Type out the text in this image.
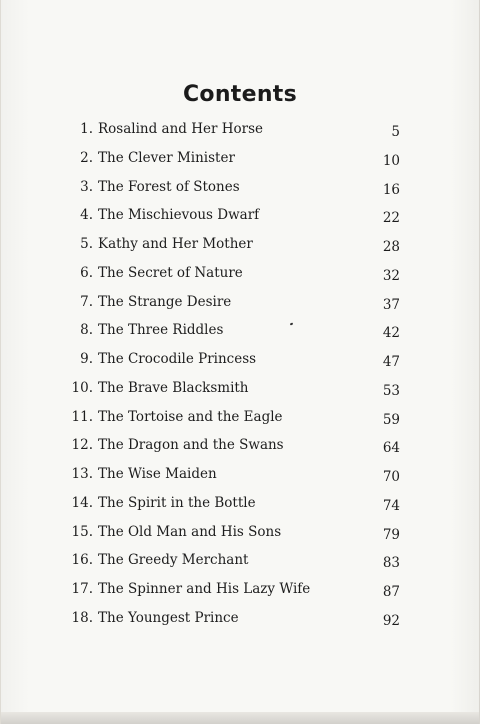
Contents
1. Rosalind and Her Horse	5
2. The Clever Minister	10
3. The Forest of Stones	16
4. The Mischievous Dwarf	22
5. Kathy and Her Mother	28
6. The Secret of Nature	32
7. The Strange Desire	37
8. The Three Riddles	42
9. The Crocodile Princess	47
10. The Brave Blacksmith	53
11. The Tortoise and the Eagle	59
12. The Dragon and the Swans	64
13. The Wise Maiden	70
14. The Spirit in the Bottle	74
15. The Old Man and His Sons	79
16. The Greedy Merchant	83
17. The Spinner and His Lazy Wife	87
18. The Youngest Prince	92
